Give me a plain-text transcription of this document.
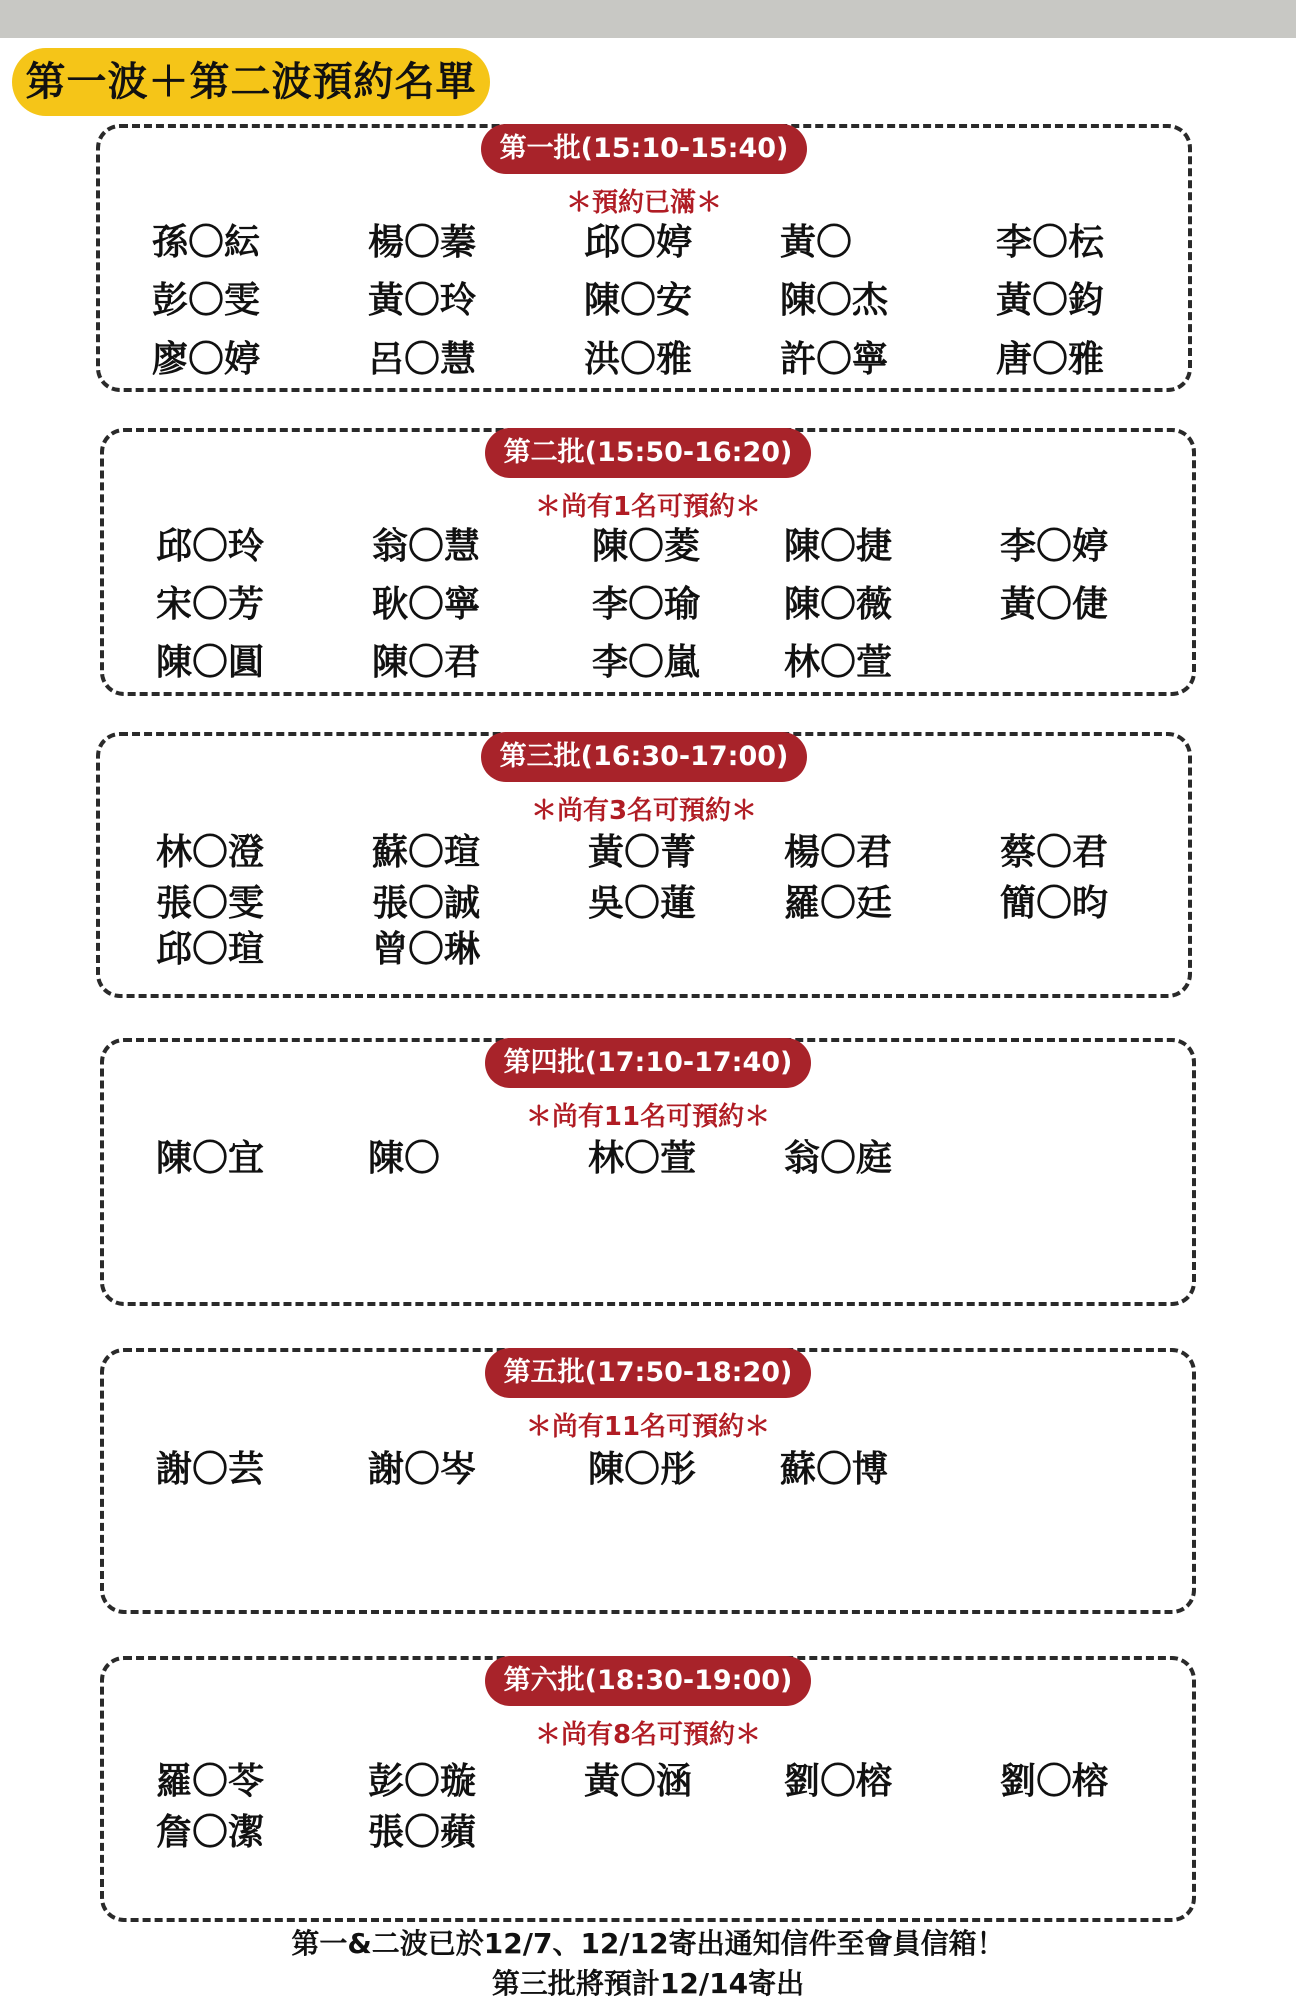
第一波＋第二波預約名單
第一批(15:10-15:40)
＊預約已滿＊
孫〇紜	楊〇蓁	邱〇婷 黃〇	李〇枟
彭〇雯	黃〇玲	陳〇安 陳〇杰	黃〇鈞
廖〇婷	呂〇慧	洪〇雅 許〇寧	唐〇雅
第二批(15:50-16:20)
＊尚有1名可預約＊
邱〇玲	翁〇慧	陳〇菱 陳〇捷	李〇婷
宋〇芳	耿〇寧	李〇瑜 陳〇薇	黃〇倢
陳〇圓	陳〇君	李〇嵐 林〇萱
第三批(16:30-17:00)
＊尚有3名可預約＊
林〇澄	蘇〇瑄	黃〇菁 楊〇君	蔡〇君
張〇雯	張〇誠	吳〇蓮 羅〇廷	簡〇昀
邱〇瑄	曾〇琳
第四批(17:10-17:40)
＊尚有11名可預約＊
陳〇宜	陳〇	林〇萱 翁〇庭
第五批(17:50-18:20)
＊尚有11名可預約＊
謝〇芸	謝〇岑	陳〇彤 蘇〇博
第六批(18:30-19:00)
＊尚有8名可預約＊
羅〇苓	彭〇璇	黃〇涵	劉〇榕	劉〇榕
詹〇潔	張〇蘋
第一&二波已於12/7、12/12寄出通知信件至會員信箱！
第三批將預計12/14寄出
